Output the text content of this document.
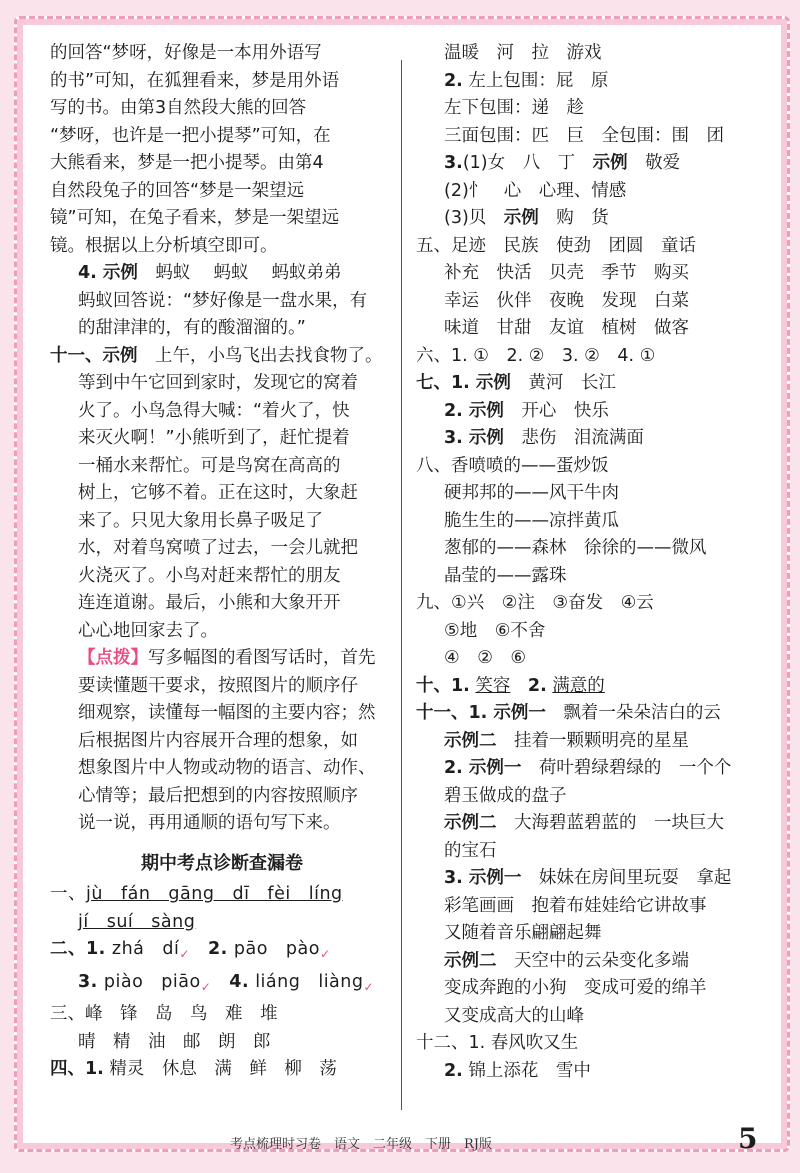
的回答“梦呀，好像是一本用外语写
的书”可知，在狐狸看来，梦是用外语
写的书。由第3自然段大熊的回答
“梦呀，也许是一把小提琴”可知，在
大熊看来，梦是一把小提琴。由第4
自然段兔子的回答“梦是一架望远
镜”可知，在兔子看来，梦是一架望远
镜。根据以上分析填空即可。
4. 示例　 蚂蚁　 蚂蚁　 蚂蚁弟弟
蚂蚁回答说：“梦好像是一盘水果，有
的甜津津的，有的酸溜溜的。”
十一、示例　 上午，小鸟飞出去找食物了。
等到中午它回到家时，发现它的窝着
火了。小鸟急得大喊：“着火了，快
来灭火啊！”小熊听到了，赶忙提着
一桶水来帮忙。可是鸟窝在高高的
树上，它够不着。正在这时，大象赶
来了。只见大象用长鼻子吸足了
水，对着鸟窝喷了过去，一会儿就把
火浇灭了。小鸟对赶来帮忙的朋友
连连道谢。最后，小熊和大象开开
心心地回家去了。
【点拨】写多幅图的看图写话时，首先
要读懂题干要求，按照图片的顺序仔
细观察，读懂每一幅图的主要内容；然
后根据图片内容展开合理的想象，如
想象图片中人物或动物的语言、动作、
心情等；最后把想到的内容按照顺序
说一说，再用通顺的语句写下来。
期中考点诊断查漏卷
一、jù　fán　gāng　dī　fèi　líng
jí　suí　sàng
二、1. zhá　$dí_✓$　 2. pāo　pào$_✓$
3. piào　piāo$_✓$　 4. liáng　liàng$_✓$
三、峰　锋　岛　鸟　难　堆
晴　精　油　邮　朗　郎
四、1. 精灵　休息　满　鲜　柳　荡
温暖　河　拉　游戏
2. 左上包围：屁　原
左下包围：递　趁
三面包围：匹　巨　全包围：围　团
3.(1)女　八　丁　 示例　 敬爱
(2)忄　心　心理、情感
(3)贝　 示例　 购　货
五、足迹　民族　使劲　团圆　童话
补充　快活　贝壳　季节　购买
幸运　伙伴　夜晚　发现　白菜
味道　甘甜　友谊　植树　做客
六、1. ①　2. ②　3. ②　4. ①
七、1. 示例　 黄河　长江
2. 示例　 开心　快乐
3. 示例　 悲伤　泪流满面
八、香喷喷的——蛋炒饭
硬邦邦的——风干牛肉
脆生生的——凉拌黄瓜
葱郁的——森林　徐徐的——微风
晶莹的——露珠
九、①兴　②注　③奋发　④云
⑤地　⑥不舍
④　②　⑥
十、1. 笑容　 2. 满意的
十一、1. 示例一　 飘着一朵朵洁白的云
示例二　 挂着一颗颗明亮的星星
2. 示例一　 荷叶碧绿碧绿的　一个个
碧玉做成的盘子
示例二　 大海碧蓝碧蓝的　一块巨大
的宝石
3. 示例一　 妹妹在房间里玩耍　拿起
彩笔画画　抱着布娃娃给它讲故事
又随着音乐翩翩起舞
示例二　 天空中的云朵变化多端
变成奔跑的小狗　变成可爱的绵羊
又变成高大的山峰
十二、1. 春风吹又生
2. 锦上添花　雪中
考点梳理时习卷　语文　二年级　下册　RJ版	5
